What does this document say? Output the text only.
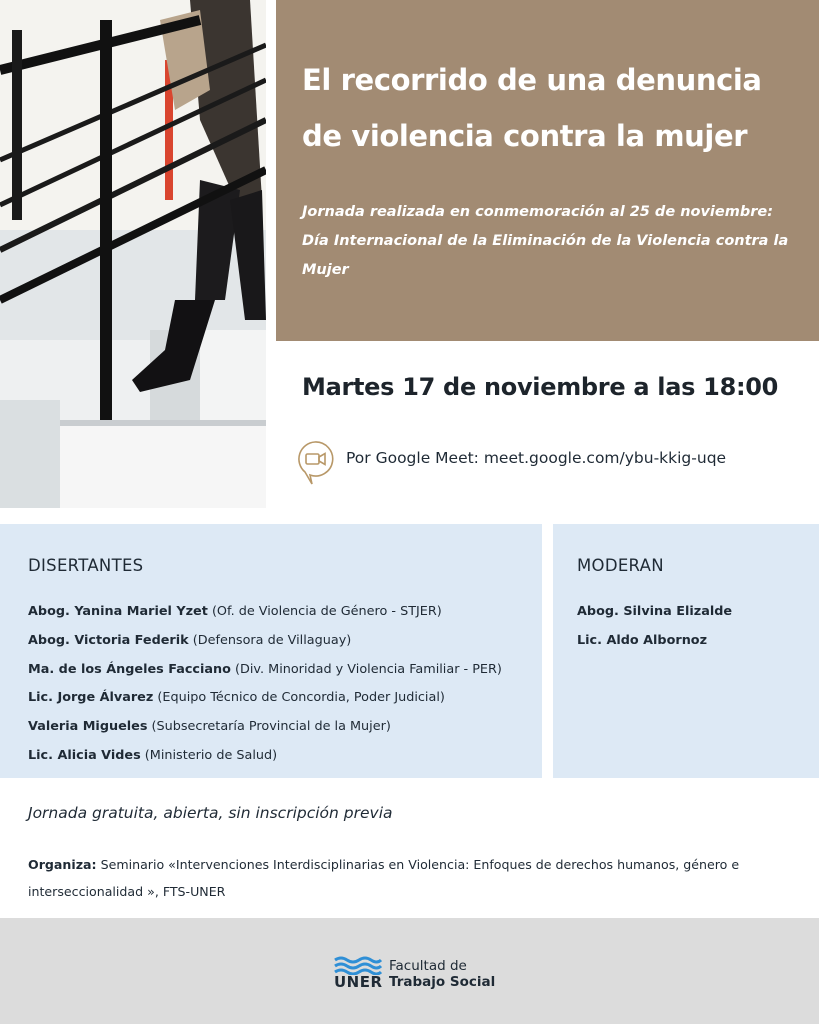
El recorrido de una denuncia de violencia contra la mujer
Jornada realizada en conmemoración al 25 de noviembre: Día Internacional de la Eliminación de la Violencia contra la Mujer
Martes 17 de noviembre a las 18:00
Por Google Meet: meet.google.com/ybu-kkig-uqe
DISERTANTES
Abog. Yanina Mariel Yzet (Of. de Violencia de Género - STJER)
Abog. Victoria Federik (Defensora de Villaguay)
Ma. de los Ángeles Facciano (Div. Minoridad y Violencia Familiar - PER)
Lic. Jorge Álvarez (Equipo Técnico de Concordia, Poder Judicial)
Valeria Migueles (Subsecretaría Provincial de la Mujer)
Lic. Alicia Vides (Ministerio de Salud)
MODERAN
Abog. Silvina Elizalde
Lic. Aldo Albornoz
Jornada gratuita, abierta, sin inscripción previa
Organiza: Seminario «Intervenciones Interdisciplinarias en Violencia: Enfoques de derechos humanos, género e interseccionalidad », FTS-UNER
UNER
Facultad de
Trabajo Social
